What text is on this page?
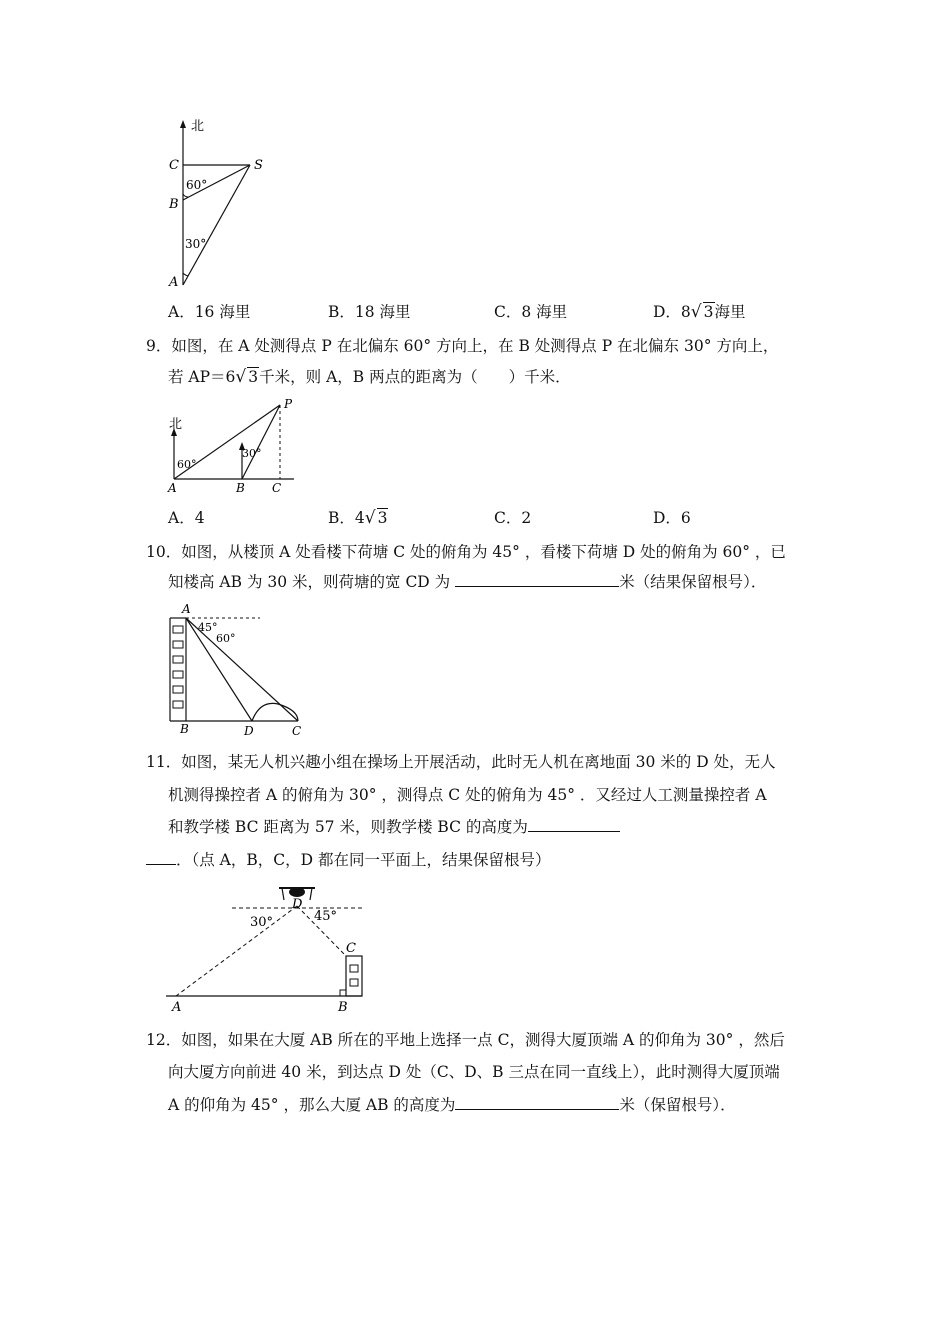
北
C	S
B
A
60°
30°
A．16 海里	B．18 海里	C．8 海里	D．8√ 3海里
9．如图，在 A 处测得点 P 在北偏东 60° 方向上，在 B 处测得点 P 在北偏东 30° 方向上，
若 AP＝6√ 3千米，则 A，B 两点的距离为（　　）千米．
北
P
A	B C
60°
30°
A．4	B．4√ 3	C．2	D．6
10．如图，从楼顶 A 处看楼下荷塘 C 处的俯角为 45° ，看楼下荷塘 D 处的俯角为 60° ，已
知楼高 AB 为 30 米，则荷塘的宽 CD 为	米（结果保留根号）．
A
B	D	C
45°
60°
11．如图，某无人机兴趣小组在操场上开展活动，此时无人机在离地面 30 米的 D 处，无人
机测得操控者 A 的俯角为 30° ，测得点 C 处的俯角为 45° ．又经过人工测量操控者 A
和教学楼 BC 距离为 57 米，则教学楼 BC 的高度为
．（点 A，B，C，D 都在同一平面上，结果保留根号）
D
30°	45°
C
A	B
12．如图，如果在大厦 AB 所在的平地上选择一点 C，测得大厦顶端 A 的仰角为 30° ，然后
向大厦方向前进 40 米，到达点 D 处（C、D、B 三点在同一直线上），此时测得大厦顶端
A 的仰角为 45° ，那么大厦 AB 的高度为	米（保留根号）．
